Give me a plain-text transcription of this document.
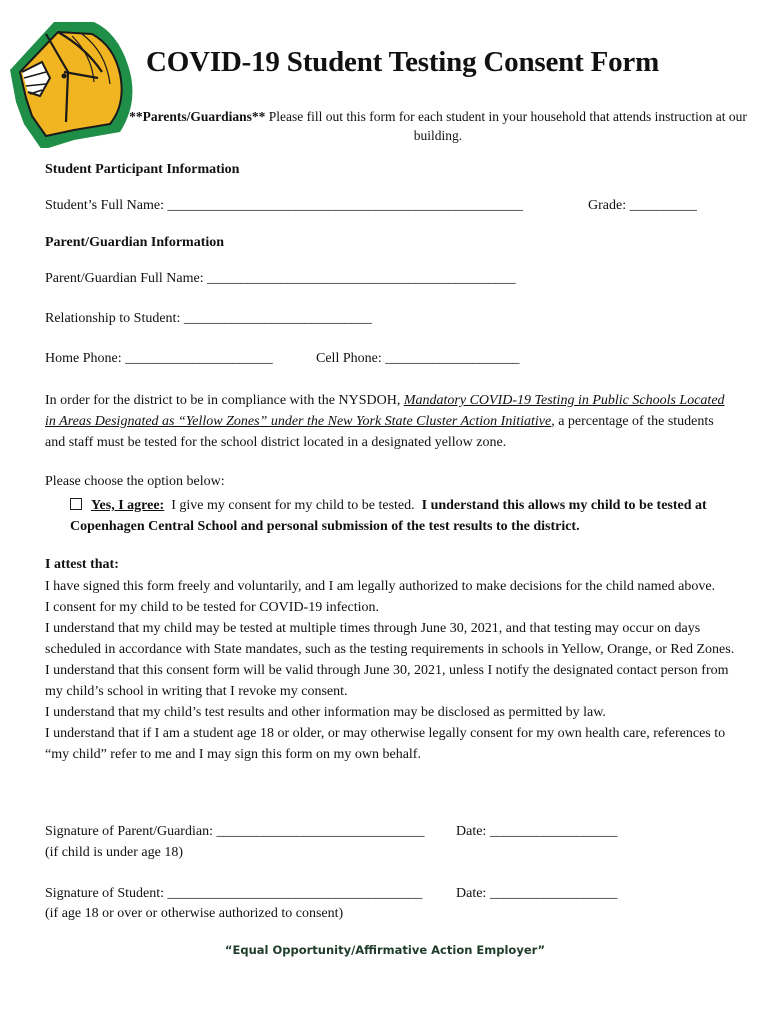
COVID-19 Student Testing Consent Form
**Parents/Guardians** Please fill out this form for each student in your household that attends instruction at our building.
Student Participant Information
Student’s Full Name: _____________________________________________________	Grade: __________
Parent/Guardian Information
Parent/Guardian Full Name: ______________________________________________
Relationship to Student: ____________________________
Home Phone: ______________________	Cell Phone: ____________________
In order for the district to be in compliance with the NYSDOH, Mandatory COVID-19 Testing in Public Schools Located in Areas Designated as “Yellow Zones” under the New York State Cluster Action Initiative, a percentage of the students and staff must be tested for the school district located in a designated yellow zone.
Please choose the option below:
Yes, I agree:  I give my consent for my child to be tested.  I understand this allows my child to be tested at Copenhagen Central School and personal submission of the test results to the district.
I attest that:
I have signed this form freely and voluntarily, and I am legally authorized to make decisions for the child named above.
I consent for my child to be tested for COVID-19 infection.
I understand that my child may be tested at multiple times through June 30, 2021, and that testing may occur on days scheduled in accordance with State mandates, such as the testing requirements in schools in Yellow, Orange, or Red Zones.
I understand that this consent form will be valid through June 30, 2021, unless I notify the designated contact person from my child’s school in writing that I revoke my consent.
I understand that my child’s test results and other information may be disclosed as permitted by law.
I understand that if I am a student age 18 or older, or may otherwise legally consent for my own health care, references to “my child” refer to me and I may sign this form on my own behalf.
Signature of Parent/Guardian: _______________________________ Date: ___________________
(if child is under age 18)
Signature of Student: ______________________________________ Date: ___________________
(if age 18 or over or otherwise authorized to consent)
“Equal Opportunity/Affirmative Action Employer”
